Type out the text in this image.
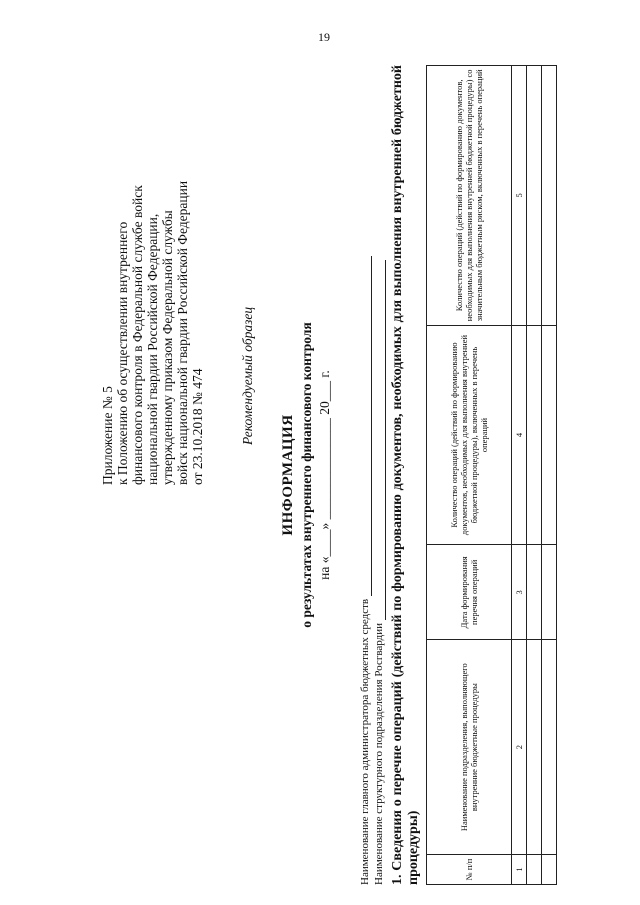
19
Приложение № 5 к Положению об осуществлении внутреннего финансового контроля в Федеральной службе войск национальной гвардии Российской Федерации, утвержденному приказом Федеральной службы войск национальной гвардии Российской Федерации от 23.10.2018 № 474	Рекомендуемый образец
ИНФОРМАЦИЯ о результатах внутреннего финансового контроля на «____» _______________ 20___ г.
Наименование главного администратора бюджетных средств Наименование структурного подразделения Росгвардии 1. Сведения о перечне операций (действий по формированию документов, необходимых для выполнения внутренней бюджетной процедуры)	№ п/п	Наименование подразделения, выполняющего внутренние бюджетные процедуры	Дата формирования перечня операций	Количество операций (действий по формированию документов, необходимых для выполнения внутренней бюджетной процедуры), включенных в перечень операций	Количество операций (действий по формированию документов, необходимых для выполнения внутренней бюджетной процедуры) со значительным бюджетным риском, включенных в перечень операций
1	2	3	4	5
